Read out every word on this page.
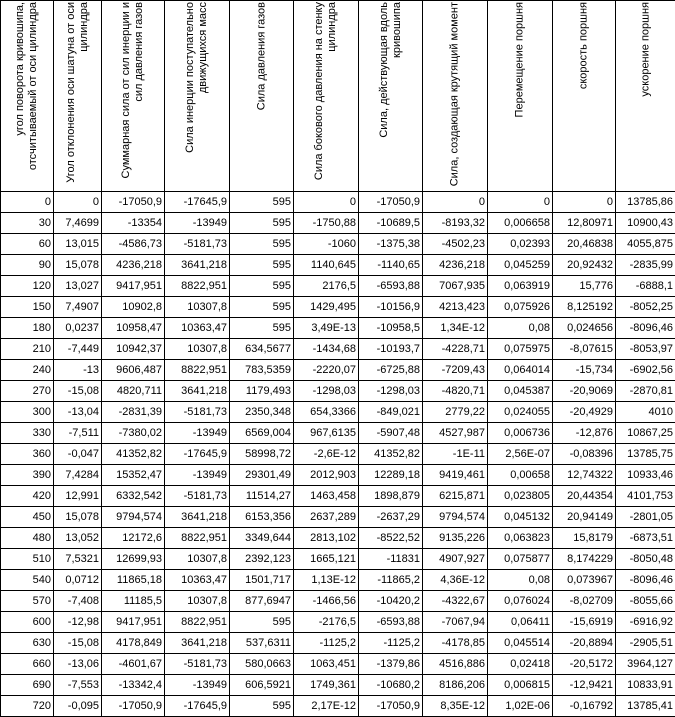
угол поворота кривошипа, отсчитываемый от оси цилиндра	Угол отклонения оси шатуна от оси цилиндра	Суммарная сила от сил инерции и сил давления газов	Сила инерции поступательно движущихся масс	Сила давления газов	Сила бокового давления на стенку цилиндра	Сила, действующая вдоль кривошипа	Сила, создающая крутящий момент	Перемещение поршня	скорость поршня	ускорение поршня

0	0	-17050,9	-17645,9	595	0	-17050,9	0	0	0	13785,86
30	7,4699	-13354	-13949	595	-1750,88	-10689,5	-8193,32	0,006658	12,80971	10900,43
60	13,015	-4586,73	-5181,73	595	-1060	-1375,38	-4502,23	0,02393	20,46838	4055,875
90	15,078	4236,218	3641,218	595	1140,645	-1140,65	4236,218	0,045259	20,92432	-2835,99
120	13,027	9417,951	8822,951	595	2176,5	-6593,88	7067,935	0,063919	15,776	-6888,1
150	7,4907	10902,8	10307,8	595	1429,495	-10156,9	4213,423	0,075926	8,125192	-8052,25
180	0,0237	10958,47	10363,47	595	3,49E-13	-10958,5	1,34E-12	0,08	0,024656	-8096,46
210	-7,449	10942,37	10307,8	634,5677	-1434,68	-10193,7	-4228,71	0,075975	-8,07615	-8053,97
240	-13	9606,487	8822,951	783,5359	-2220,07	-6725,88	-7209,43	0,064014	-15,734	-6902,56
270	-15,08	4820,711	3641,218	1179,493	-1298,03	-1298,03	-4820,71	0,045387	-20,9069	-2870,81
300	-13,04	-2831,39	-5181,73	2350,348	654,3366	-849,021	2779,22	0,024055	-20,4929	4010
330	-7,511	-7380,02	-13949	6569,004	967,6135	-5907,48	4527,987	0,006736	-12,876	10867,25
360	-0,047	41352,82	-17645,9	58998,72	-2,6E-12	41352,82	-1E-11	2,56E-07	-0,08396	13785,75
390	7,4284	15352,47	-13949	29301,49	2012,903	12289,18	9419,461	0,00658	12,74322	10933,46
420	12,991	6332,542	-5181,73	11514,27	1463,458	1898,879	6215,871	0,023805	20,44354	4101,753
450	15,078	9794,574	3641,218	6153,356	2637,289	-2637,29	9794,574	0,045132	20,94149	-2801,05
480	13,052	12172,6	8822,951	3349,644	2813,102	-8522,52	9135,226	0,063823	15,8179	-6873,51
510	7,5321	12699,93	10307,8	2392,123	1665,121	-11831	4907,927	0,075877	8,174229	-8050,48
540	0,0712	11865,18	10363,47	1501,717	1,13E-12	-11865,2	4,36E-12	0,08	0,073967	-8096,46
570	-7,408	11185,5	10307,8	877,6947	-1466,56	-10420,2	-4322,67	0,076024	-8,02709	-8055,66
600	-12,98	9417,951	8822,951	595	-2176,5	-6593,88	-7067,94	0,06411	-15,6919	-6916,92
630	-15,08	4178,849	3641,218	537,6311	-1125,2	-1125,2	-4178,85	0,045514	-20,8894	-2905,51
660	-13,06	-4601,67	-5181,73	580,0663	1063,451	-1379,86	4516,886	0,02418	-20,5172	3964,127
690	-7,553	-13342,4	-13949	606,5921	1749,361	-10680,2	8186,206	0,006815	-12,9421	10833,91
720	-0,095	-17050,9	-17645,9	595	2,17E-12	-17050,9	8,35E-12	1,02E-06	-0,16792	13785,41
